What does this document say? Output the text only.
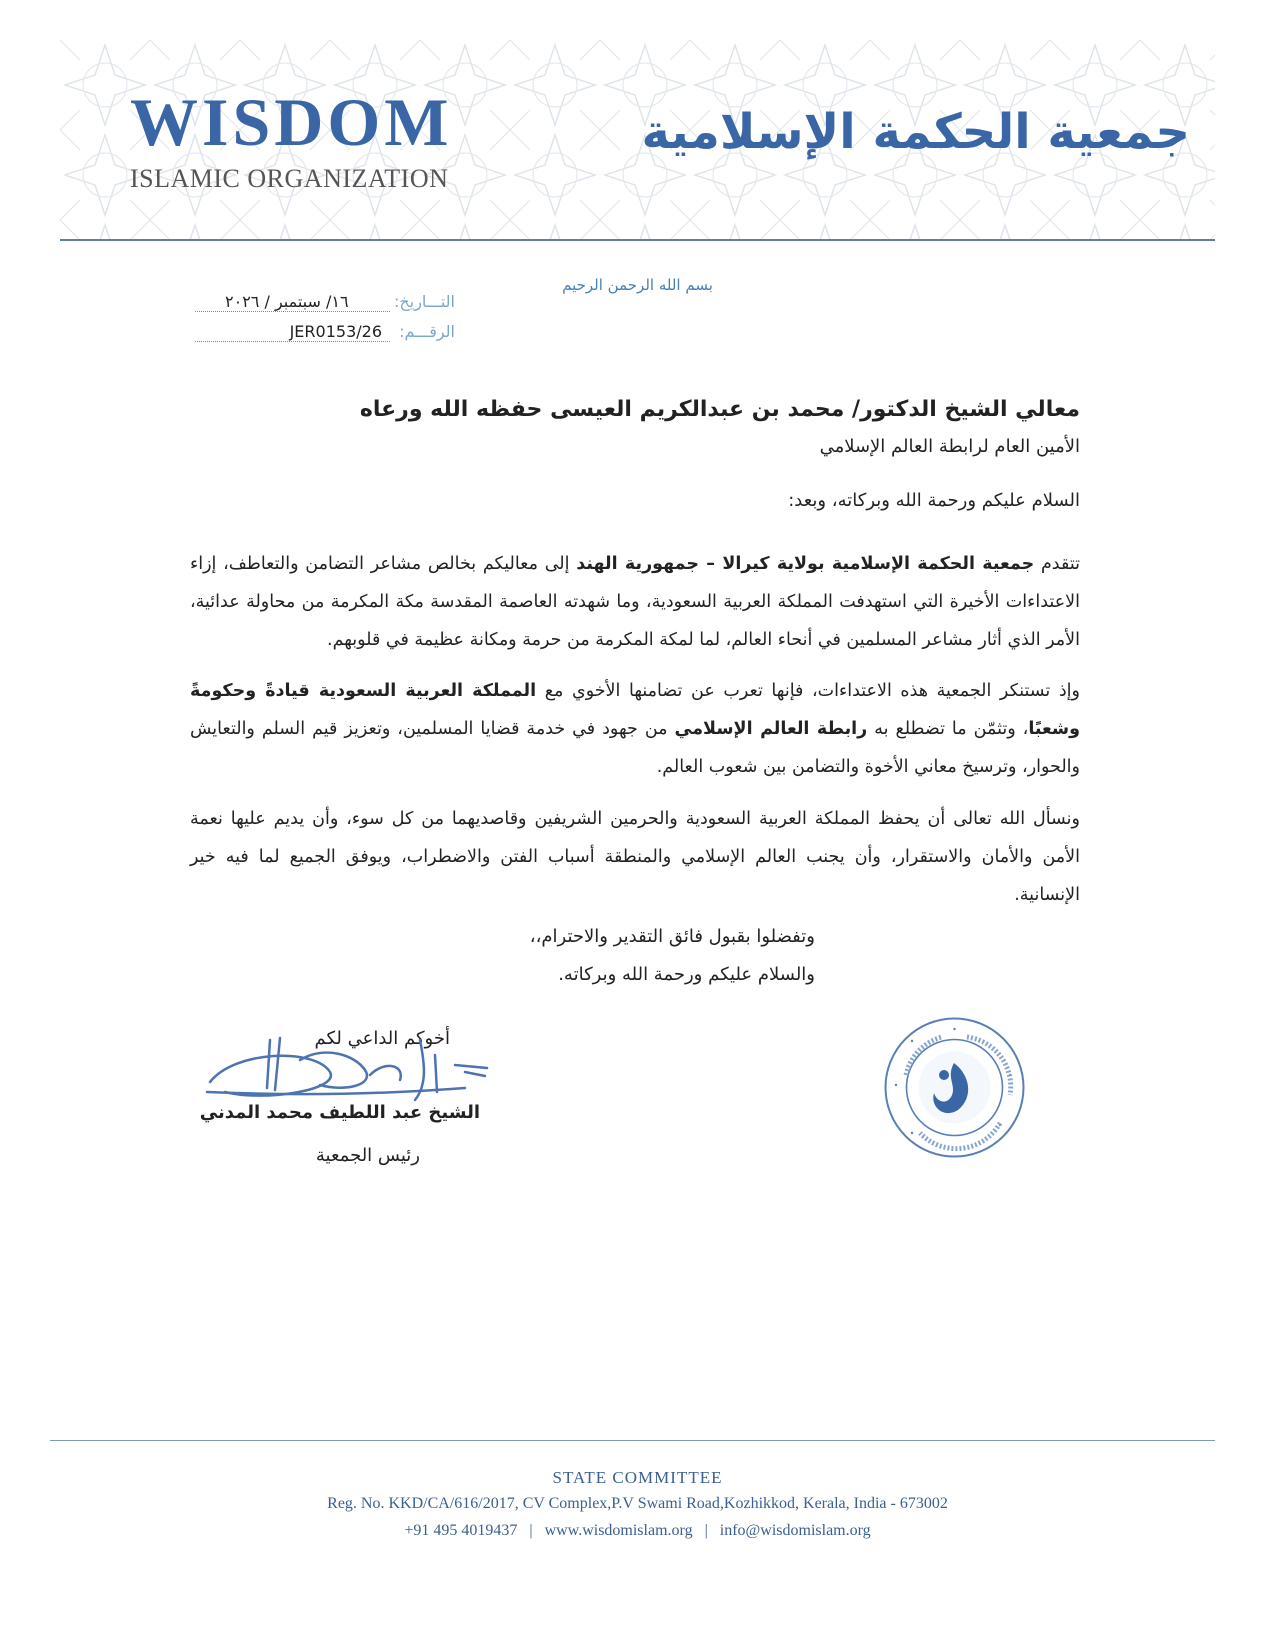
WISDOM
ISLAMIC ORGANIZATION
جمعية الحكمة الإسلامية
بسم الله الرحمن الرحيم
التـــاريخ:
١٦/ سبتمبر / ٢٠٢٦
الرقـــم:
JER0153/26
معالي الشيخ الدكتور/ محمد بن عبدالكريم العيسى حفظه الله ورعاه
الأمين العام لرابطة العالم الإسلامي
السلام عليكم ورحمة الله وبركاته، وبعد:
تتقدم جمعية الحكمة الإسلامية بولاية كيرالا – جمهورية الهند إلى معاليكم بخالص مشاعر التضامن والتعاطف، إزاء الاعتداءات الأخيرة التي استهدفت المملكة العربية السعودية، وما شهدته العاصمة المقدسة مكة المكرمة من محاولة عدائية، الأمر الذي أثار مشاعر المسلمين في أنحاء العالم، لما لمكة المكرمة من حرمة ومكانة عظيمة في قلوبهم.
وإذ تستنكر الجمعية هذه الاعتداءات، فإنها تعرب عن تضامنها الأخوي مع المملكة العربية السعودية قيادةً وحكومةً وشعبًا، وتثمّن ما تضطلع به رابطة العالم الإسلامي من جهود في خدمة قضايا المسلمين، وتعزيز قيم السلم والتعايش والحوار، وترسيخ معاني الأخوة والتضامن بين شعوب العالم.
ونسأل الله تعالى أن يحفظ المملكة العربية السعودية والحرمين الشريفين وقاصديهما من كل سوء، وأن يديم عليها نعمة الأمن والأمان والاستقرار، وأن يجنب العالم الإسلامي والمنطقة أسباب الفتن والاضطراب، ويوفق الجميع لما فيه خير الإنسانية.
وتفضلوا بقبول فائق التقدير والاحترام،،
والسلام عليكم ورحمة الله وبركاته.
أخوكم الداعي لكم
الشيخ عبد اللطيف محمد المدني
رئيس الجمعية
STATE COMMITTEE
Reg. No. KKD/CA/616/2017, CV Complex,P.V Swami Road,Kozhikkod, Kerala, India - 673002
+91 495 4019437 | www.wisdomislam.org | info@wisdomislam.org
